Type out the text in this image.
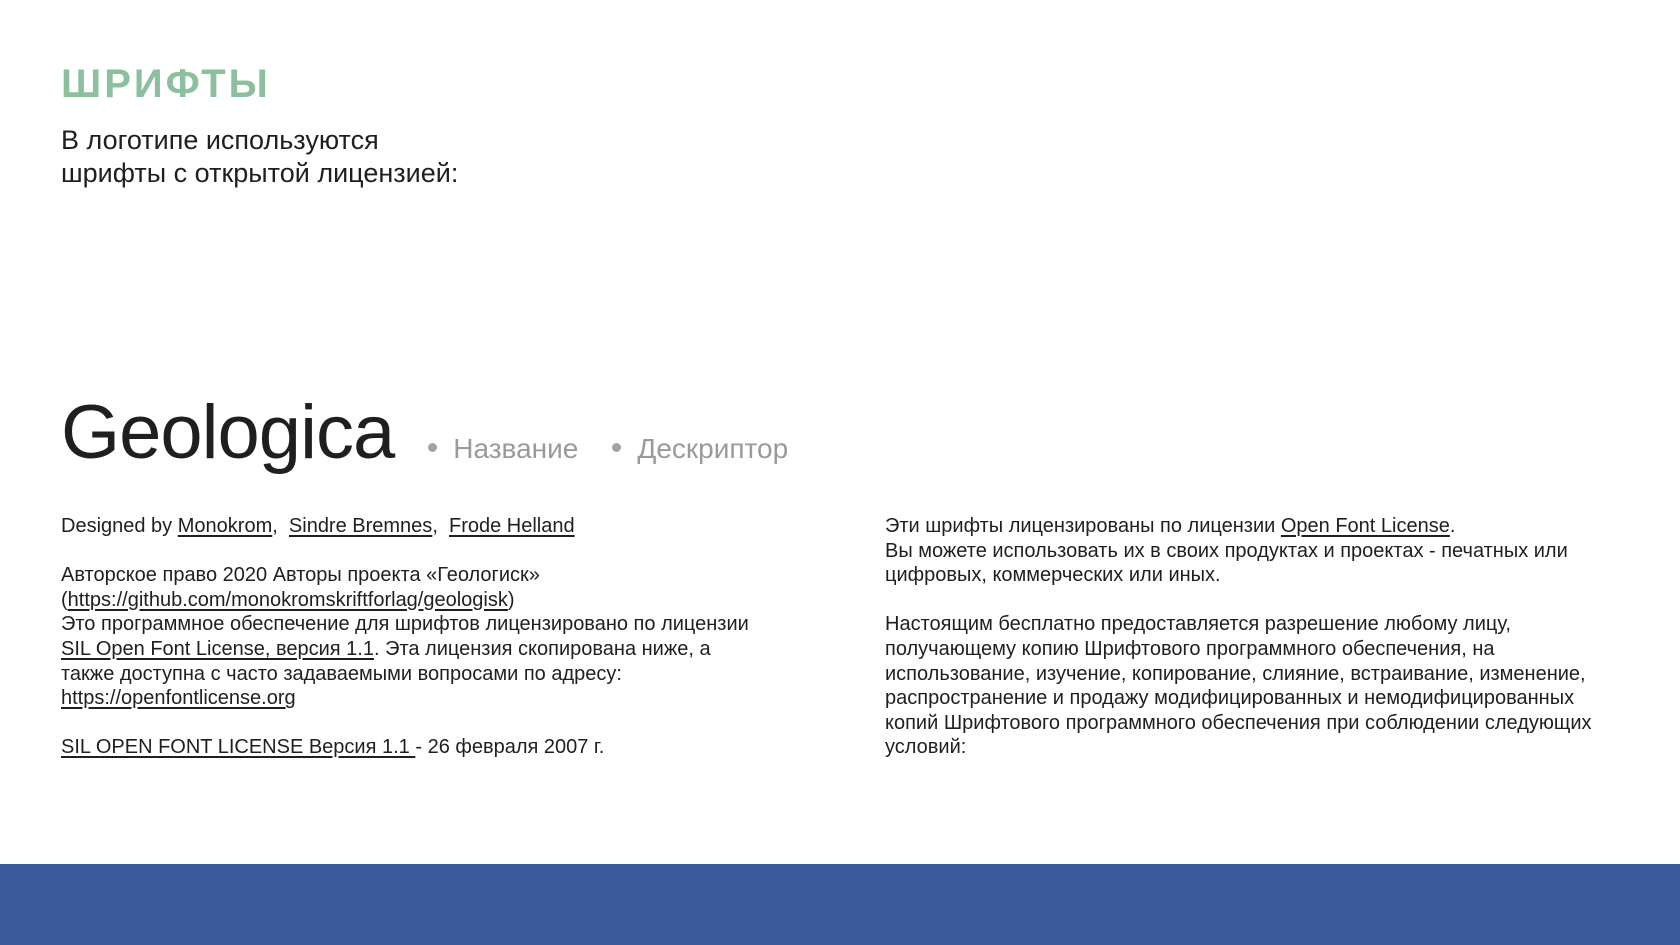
ШРИФТЫ

В логотипе используются
шрифты с открытой лицензией:

Geologica Название Дескриптор

Designed by Monokrom,  Sindre Bremnes,  Frode Helland

Авторское право 2020 Авторы проекта «Геологиск»
(https://github.com/monokromskriftforlag/geologisk)
Это программное обеспечение для шрифтов лицензировано по лицензии SIL Open Font License, версия 1.1. Эта лицензия скопирована ниже, а также доступна с часто задаваемыми вопросами по адресу: https://openfontlicense.org

SIL OPEN FONT LICENSE Версия 1.1 - 26 февраля 2007 г.

Эти шрифты лицензированы по лицензии Open Font License.
Вы можете использовать их в своих продуктах и проектах - печатных или цифровых, коммерческих или иных.

Настоящим бесплатно предоставляется разрешение любому лицу, получающему копию Шрифтового программного обеспечения, на использование, изучение, копирование, слияние, встраивание, изменение, распространение и продажу модифицированных и немодифицированных копий Шрифтового программного обеспечения при соблюдении следующих условий:
